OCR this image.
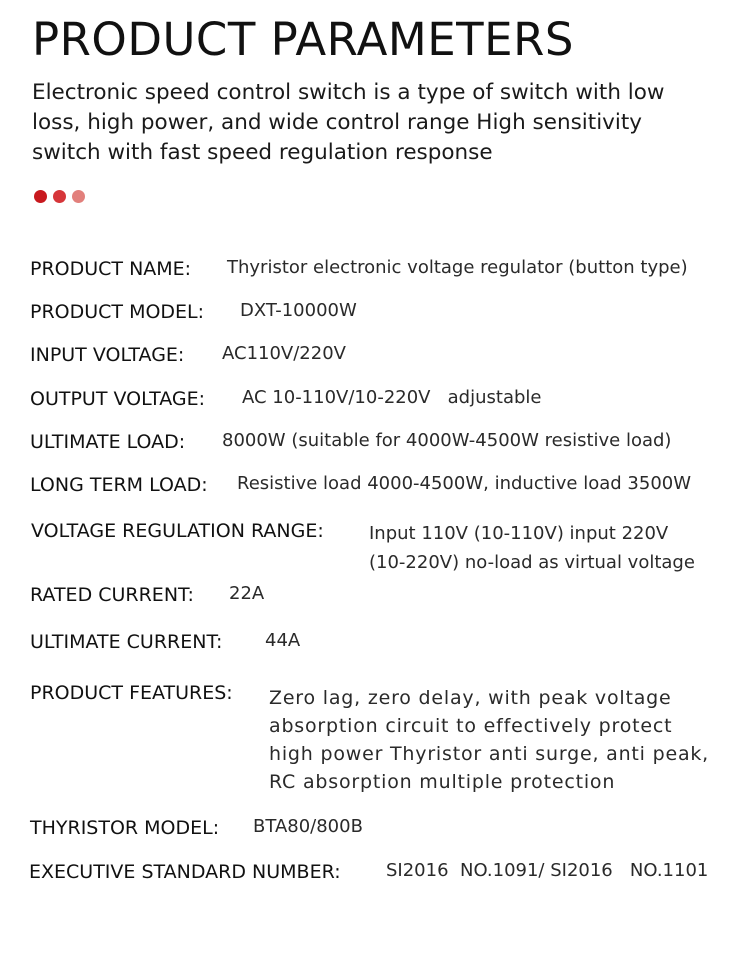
PRODUCT PARAMETERS
Electronic speed control switch is a type of switch with low
loss, high power, and wide control range High sensitivity
switch with fast speed regulation response
PRODUCT NAME: Thyristor electronic voltage regulator (button type)
PRODUCT MODEL: DXT-10000W
INPUT VOLTAGE: AC110V/220V
OUTPUT VOLTAGE: AC 10-110V/10-220V   adjustable
ULTIMATE LOAD: 8000W (suitable for 4000W-4500W resistive load)
LONG TERM LOAD: Resistive load 4000-4500W, inductive load 3500W
VOLTAGE REGULATION RANGE:	Input 110V (10-110V) input 220V
(10-220V) no-load as virtual voltage
RATED CURRENT: 22A
ULTIMATE CURRENT: 44A
PRODUCT FEATURES: Zero lag, zero delay, with peak voltage
absorption circuit to effectively protect
high power Thyristor anti surge, anti peak,
RC absorption multiple protection
THYRISTOR MODEL: BTA80/800B
EXECUTIVE STANDARD NUMBER:	SI2016  NO.1091/ SI2016   NO.1101
